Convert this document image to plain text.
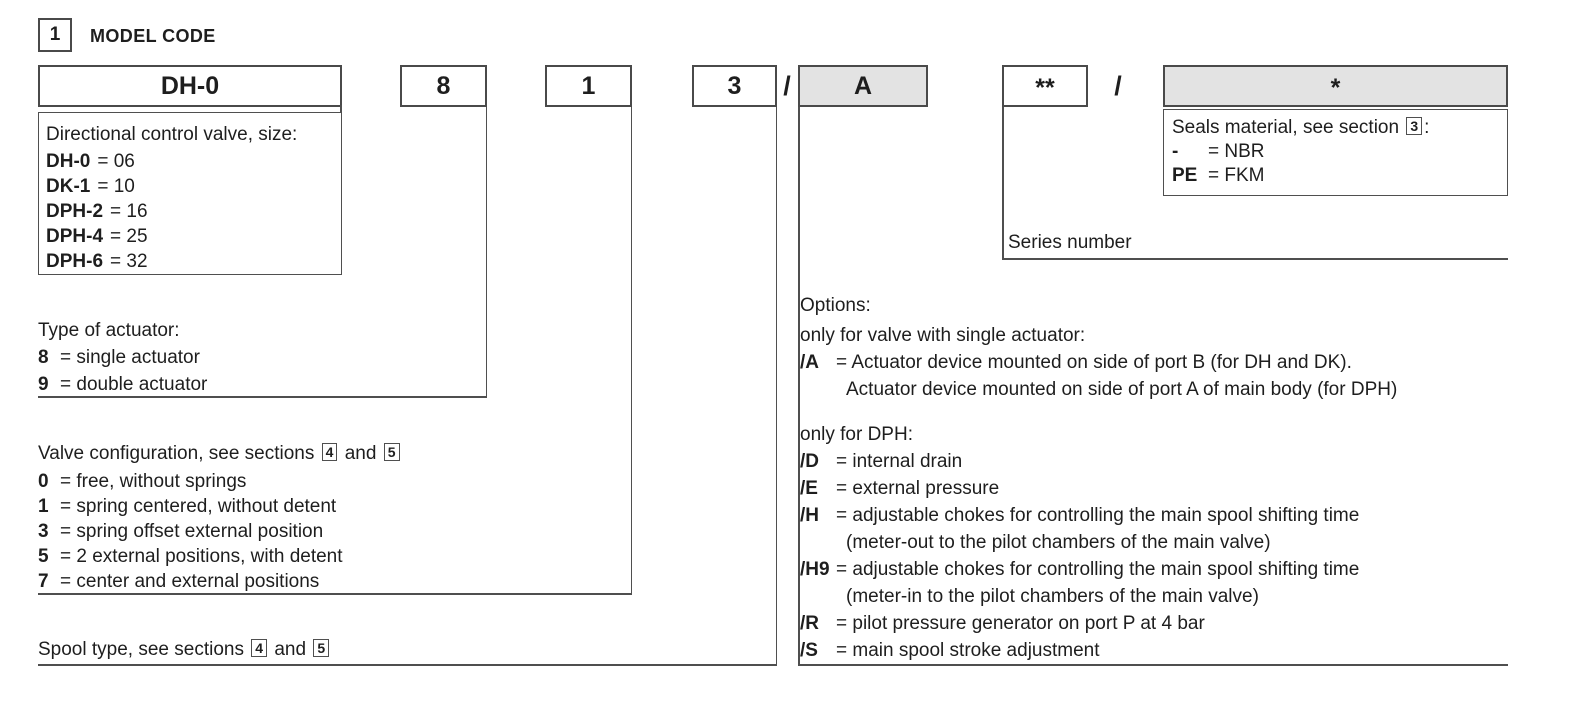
1 MODEL CODE
DH-0	8	1	3 /	A	**	/	*
Directional control valve, size:
DH-0 = 06
DK-1 = 10
DPH-2 = 16
DPH-4 = 25
DPH-6 = 32
Type of actuator:
8 = single actuator
9 = double actuator
Valve configuration, see sections 4 and 5
0 = free, without springs
1 = spring centered, without detent
3 = spring offset external position
5 = 2 external positions, with detent
7 = center and external positions
Spool type, see sections 4 and 5
Options:
only for valve with single actuator:
/A = Actuator device mounted on side of port B (for DH and DK).
Actuator device mounted on side of port A of main body (for DPH)
only for DPH:
/D = internal drain
/E = external pressure
/H = adjustable chokes for controlling the main spool shifting time
(meter-out to the pilot chambers of the main valve)
/H9 = adjustable chokes for controlling the main spool shifting time
(meter-in to the pilot chambers of the main valve)
/R = pilot pressure generator on port P at 4 bar
/S = main spool stroke adjustment
Series number
Seals material, see section 3 :
- = NBR
PE = FKM
